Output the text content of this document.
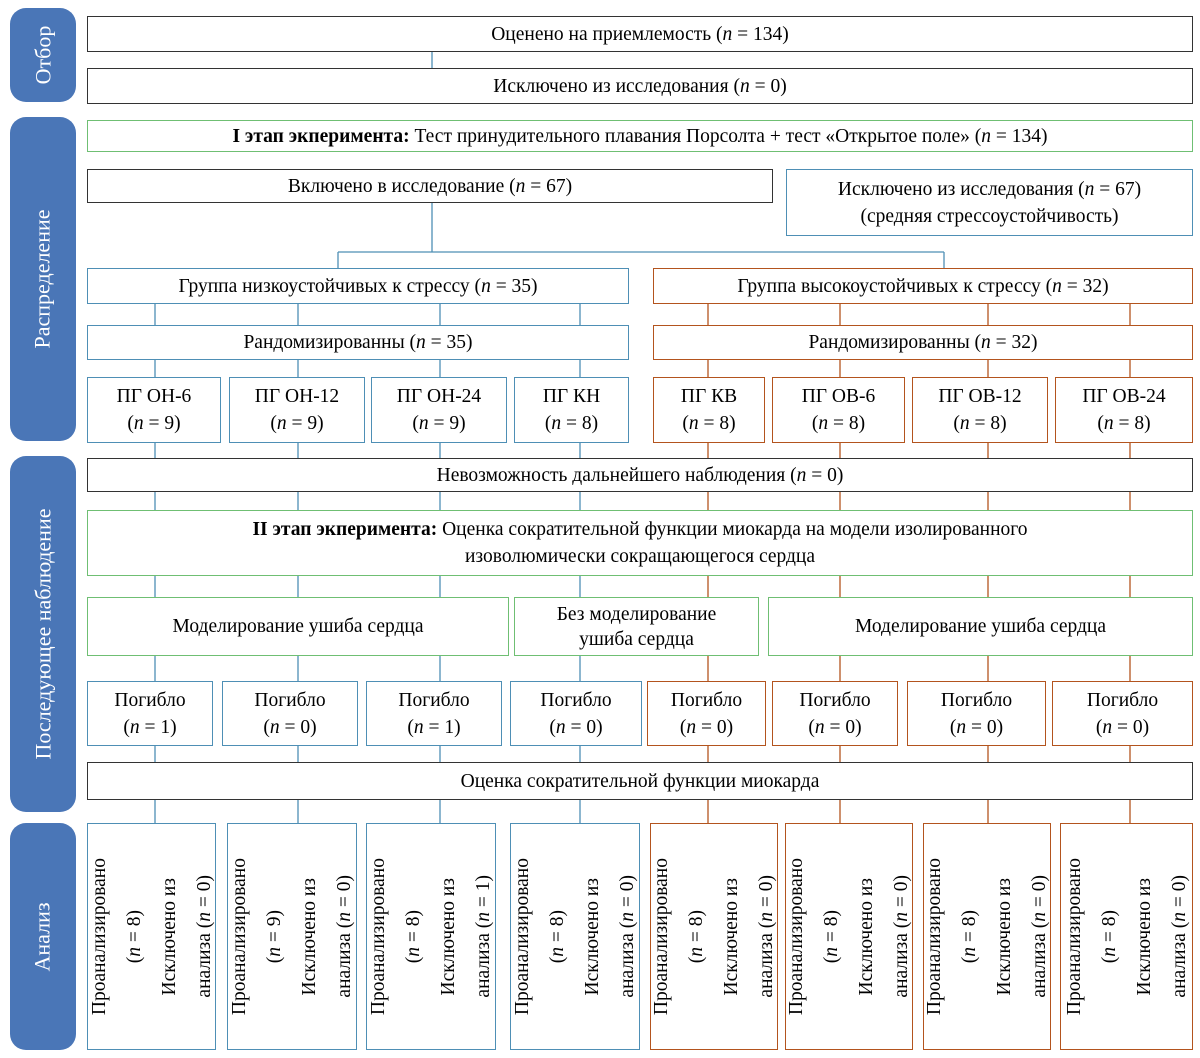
Отбор
Распределение
Последующее наблюдение
Анализ
Оценено на приемлемость (n = 134)
Исключено из исследования (n = 0)
I этап экперимента: Тест принудительного плавания Порсолта + тест «Открытое поле» (n = 134)
Включено в исследование (n = 67)	Исключено из исследования (n = 67)
(средняя стрессоустойчивость)
Группа низкоустойчивых к стрессу (n = 35)	Группа высокоустойчивых к стрессу (n = 32)
Рандомизированны (n = 35)	Рандомизированны (n = 32)
ПГ ОН-6
(n = 9)
ПГ ОН-12
(n = 9)
ПГ ОН-24
(n = 9)
ПГ КН
(n = 8)
ПГ КВ
(n = 8)
ПГ ОВ-6
(n = 8)
ПГ ОВ-12
(n = 8)
ПГ ОВ-24
(n = 8)
Невозможность дальнейшего наблюдения (n = 0)
II этап экперимента: Оценка сократительной функции миокарда на модели изолированного
изоволюмически сокращающегося сердца
Моделирование ушиба сердца
Без моделирование
ушиба сердца
Моделирование ушиба сердца
Погибло
(n = 1)
Погибло
(n = 0)
Погибло
(n = 1)
Погибло
(n = 0)
Погибло
(n = 0)
Погибло
(n = 0)
Погибло
(n = 0)
Погибло
(n = 0)
Оценка сократительной функции миокарда
Проанализировано (n = 8) Исключено из анализа (n = 0) Проанализировано (n = 9) Исключено из анализа (n = 0) Проанализировано (n = 8) Исключено из анализа (n = 1) Проанализировано (n = 8) Исключено из анализа (n = 0) Проанализировано (n = 8) Исключено из анализа (n = 0) Проанализировано (n = 8) Исключено из анализа (n = 0) Проанализировано (n = 8) Исключено из анализа (n = 0) Проанализировано (n = 8) Исключено из анализа (n = 0)
